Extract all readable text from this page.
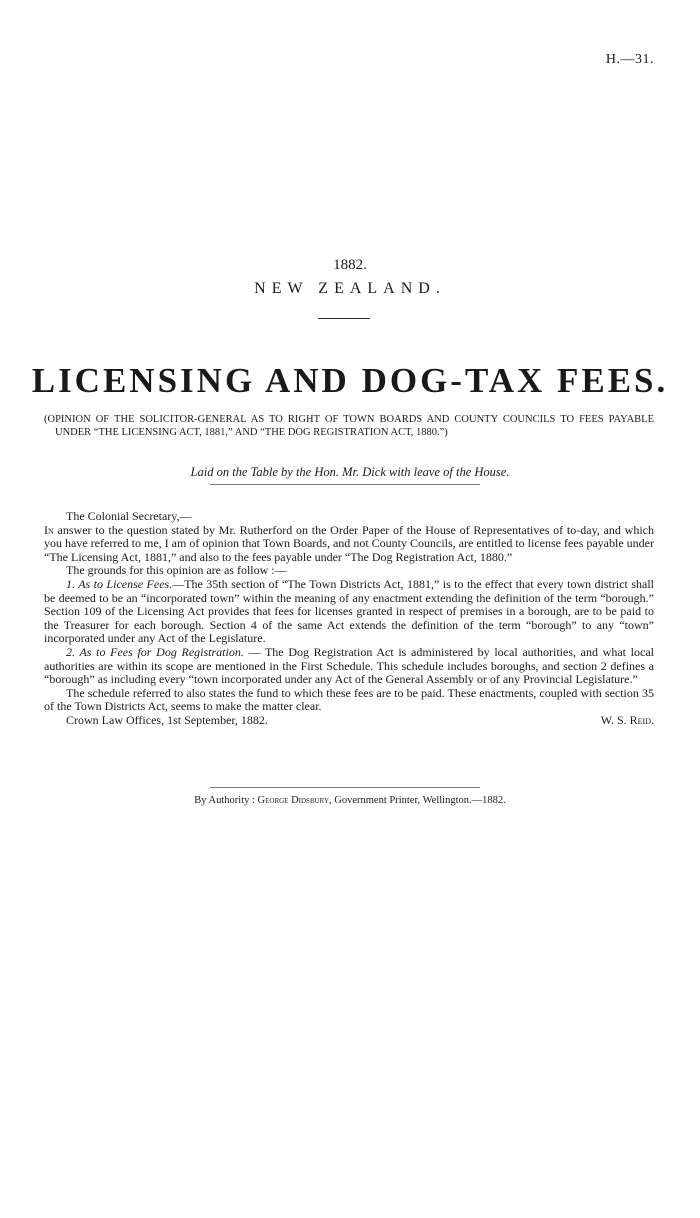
H.—31.
1882.
NEW ZEALAND.
LICENSING AND DOG-TAX FEES.
(OPINION OF THE SOLICITOR-GENERAL AS TO RIGHT OF TOWN BOARDS AND COUNTY COUNCILS TO FEES PAYABLE UNDER “THE LICENSING ACT, 1881,” AND “THE DOG REGISTRATION ACT, 1880.”)
Laid on the Table by the Hon. Mr. Dick with leave of the House.

The Colonial Secretary,—

In answer to the question stated by Mr. Rutherford on the Order Paper of the House of Representatives of to-day, and which you have referred to me, I am of opinion that Town Boards, and not County Councils, are entitled to license fees payable under “The Licensing Act, 1881,” and also to the fees payable under “The Dog Registration Act, 1880.”

The grounds for this opinion are as follow :—

1. As to License Fees.—The 35th section of “The Town Districts Act, 1881,” is to the effect that every town district shall be deemed to be an “incorporated town” within the meaning of any enactment extending the definition of the term “borough.” Section 109 of the Licensing Act provides that fees for licenses granted in respect of premises in a borough, are to be paid to the Treasurer for each borough. Section 4 of the same Act extends the definition of the term “borough” to any “town” incorporated under any Act of the Legislature.

2. As to Fees for Dog Registration. — The Dog Registration Act is administered by local authorities, and what local authorities are within its scope are mentioned in the First Schedule. This schedule includes boroughs, and section 2 defines a “borough” as including every “town incorporated under any Act of the General Assembly or of any Provincial Legislature.”

The schedule referred to also states the fund to which these fees are to be paid. These enactments, coupled with section 35 of the Town Districts Act, seems to make the matter clear.

Crown Law Offices, 1st September, 1882.	W. S. Reid.
By Authority : George Didsbury, Government Printer, Wellington.—1882.
